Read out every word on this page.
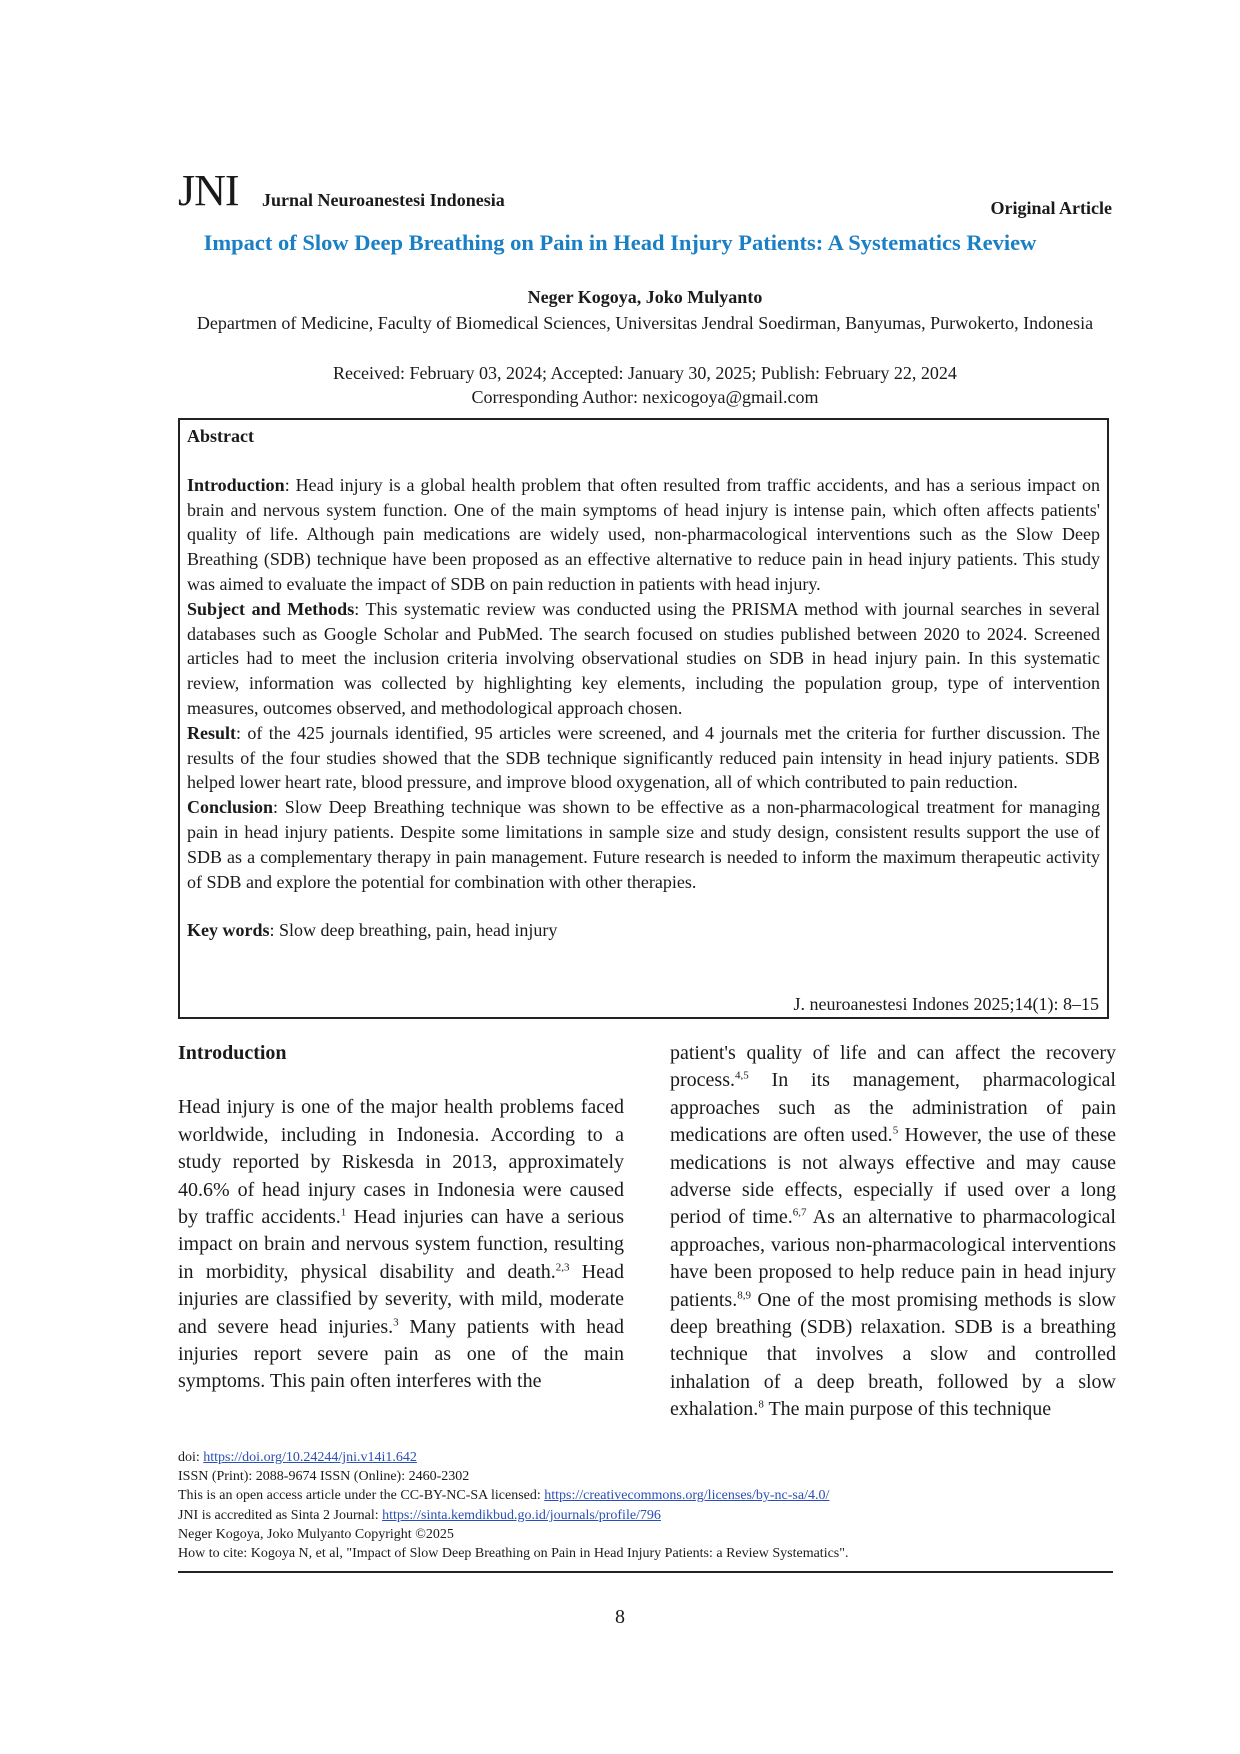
JNI Jurnal Neuroanestesi Indonesia	Original Article
Impact of Slow Deep Breathing on Pain in Head Injury Patients: A Systematics Review
Neger Kogoya, Joko Mulyanto
Departmen of Medicine, Faculty of Biomedical Sciences, Universitas Jendral Soedirman, Banyumas, Purwokerto, Indonesia
Received: February 03, 2024; Accepted: January 30, 2025; Publish: February 22, 2024
Corresponding Author: nexicogoya@gmail.com

Abstract

Introduction: Head injury is a global health problem that often resulted from traffic accidents, and has a serious impact on brain and nervous system function. One of the main symptoms of head injury is intense pain, which often affects patients' quality of life. Although pain medications are widely used, non-pharmacological interventions such as the Slow Deep Breathing (SDB) technique have been proposed as an effective alternative to reduce pain in head injury patients. This study was aimed to evaluate the impact of SDB on pain reduction in patients with head injury.

Subject and Methods: This systematic review was conducted using the PRISMA method with journal searches in several databases such as Google Scholar and PubMed. The search focused on studies published between 2020 to 2024. Screened articles had to meet the inclusion criteria involving observational studies on SDB in head injury pain. In this systematic review, information was collected by highlighting key elements, including the population group, type of intervention measures, outcomes observed, and methodological approach chosen.

Result: of the 425 journals identified, 95 articles were screened, and 4 journals met the criteria for further discussion. The results of the four studies showed that the SDB technique significantly reduced pain intensity in head injury patients. SDB helped lower heart rate, blood pressure, and improve blood oxygenation, all of which contributed to pain reduction.

Conclusion: Slow Deep Breathing technique was shown to be effective as a non-pharmacological treatment for managing pain in head injury patients. Despite some limitations in sample size and study design, consistent results support the use of SDB as a complementary therapy in pain management. Future research is needed to inform the maximum therapeutic activity of SDB and explore the potential for combination with other therapies.

Key words: Slow deep breathing, pain, head injury

J. neuroanestesi Indones 2025;14(1): 8–15

Introduction

Head injury is one of the major health problems faced worldwide, including in Indonesia. According to a study reported by Riskesda in 2013, approximately 40.6% of head injury cases in Indonesia were caused by traffic accidents.$^1$ Head injuries can have a serious impact on brain and nervous system function, resulting in morbidity, physical disability and death.$^{2,3}$ Head injuries are classified by severity, with mild, moderate and severe head injuries.$^3$ Many patients with head injuries report severe pain as one of the main symptoms. This pain often interferes with the

patient's quality of life and can affect the recovery process.$^{4,5}$ In its management, pharmacological approaches such as the administration of pain medications are often used.$^5$ However, the use of these medications is not always effective and may cause adverse side effects, especially if used over a long period of time.$^{6,7}$ As an alternative to pharmacological approaches, various non-pharmacological interventions have been proposed to help reduce pain in head injury patients.$^{8,9}$ One of the most promising methods is slow deep breathing (SDB) relaxation. SDB is a breathing technique that involves a slow and controlled inhalation of a deep breath, followed by a slow exhalation.$^8$ The main purpose of this technique

doi: https://doi.org/10.24244/jni.v14i1.642
ISSN (Print): 2088-9674 ISSN (Online): 2460-2302
This is an open access article under the CC-BY-NC-SA licensed: https://creativecommons.org/licenses/by-nc-sa/4.0/
JNI is accredited as Sinta 2 Journal: https://sinta.kemdikbud.go.id/journals/profile/796
Neger Kogoya, Joko Mulyanto Copyright ©2025
How to cite: Kogoya N, et al, "Impact of Slow Deep Breathing on Pain in Head Injury Patients: a Review Systematics".
8
